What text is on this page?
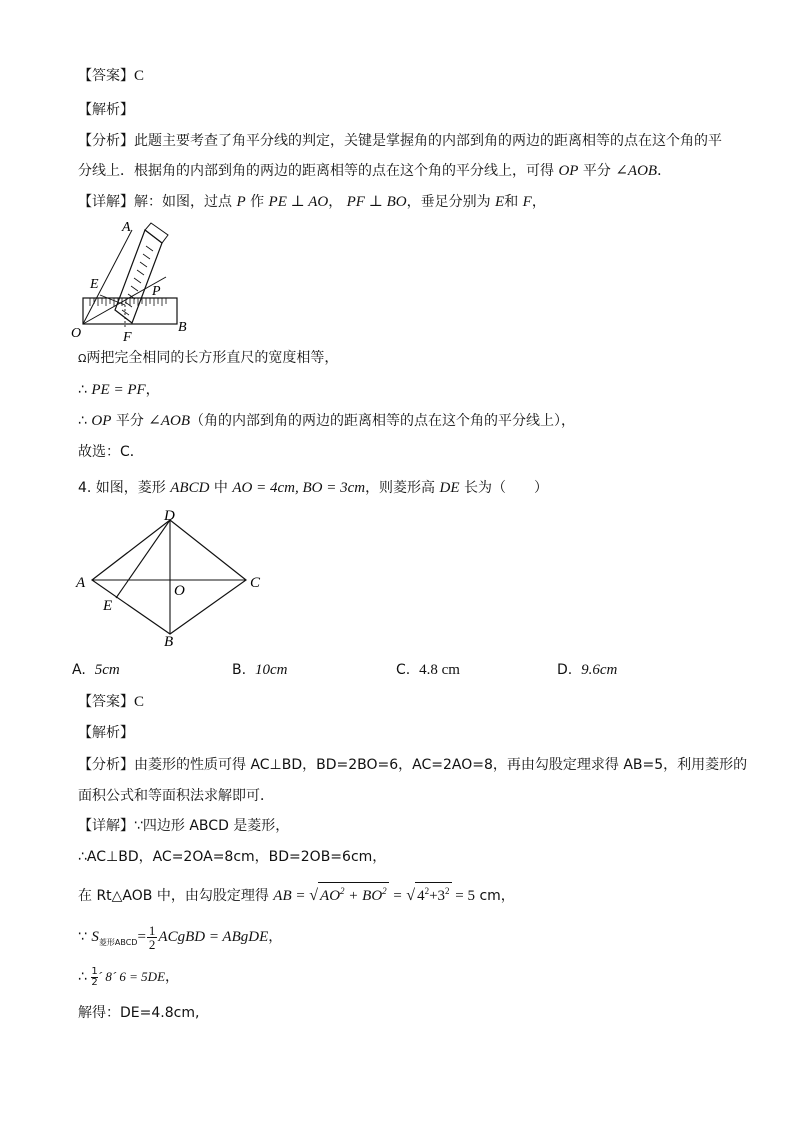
【答案】C
【解析】
【分析】此题主要考查了角平分线的判定，关键是掌握角的内部到角的两边的距离相等的点在这个角的平
分线上．根据角的内部到角的两边的距离相等的点在这个角的平分线上，可得 OP 平分 ∠AOB．
【详解】解：如图，过点 P 作 PE ⊥ AO， PF ⊥ BO，垂足分别为 E和 F，
A
E	P
O	F
B
Ω两把完全相同的长方形直尺的宽度相等，
∴ PE = PF，
∴ OP 平分 ∠AOB（角的内部到角的两边的距离相等的点在这个角的平分线上），
故选：C．
4. 如图，菱形 ABCD 中 AO = 4cm, BO = 3cm，则菱形高 DE 长为（　　）
D
A	C
O
E
B
A. 5cm	B. 10cm	C. 4.8 cm	D. 9.6cm
【答案】C
【解析】
【分析】由菱形的性质可得 AC⊥BD，BD=2BO=6，AC=2AO=8，再由勾股定理求得 AB=5，利用菱形的
面积公式和等面积法求解即可．
【详解】∵四边形 ABCD 是菱形，
∴AC⊥BD，AC=2OA=8cm，BD=2OB=6cm，
在 Rt△AOB 中，由勾股定理得 AB = √ $AO^2 + BO^2$ = √ $4^2+3^2 = 5$ cm，
∵ $S_{菱形ABCD}= \frac{1}{2}$ ACgBD = ABgDE，
∴ $\frac{1}{2}´$ 8´ 6 = 5DE，
解得：DE=4.8cm,
